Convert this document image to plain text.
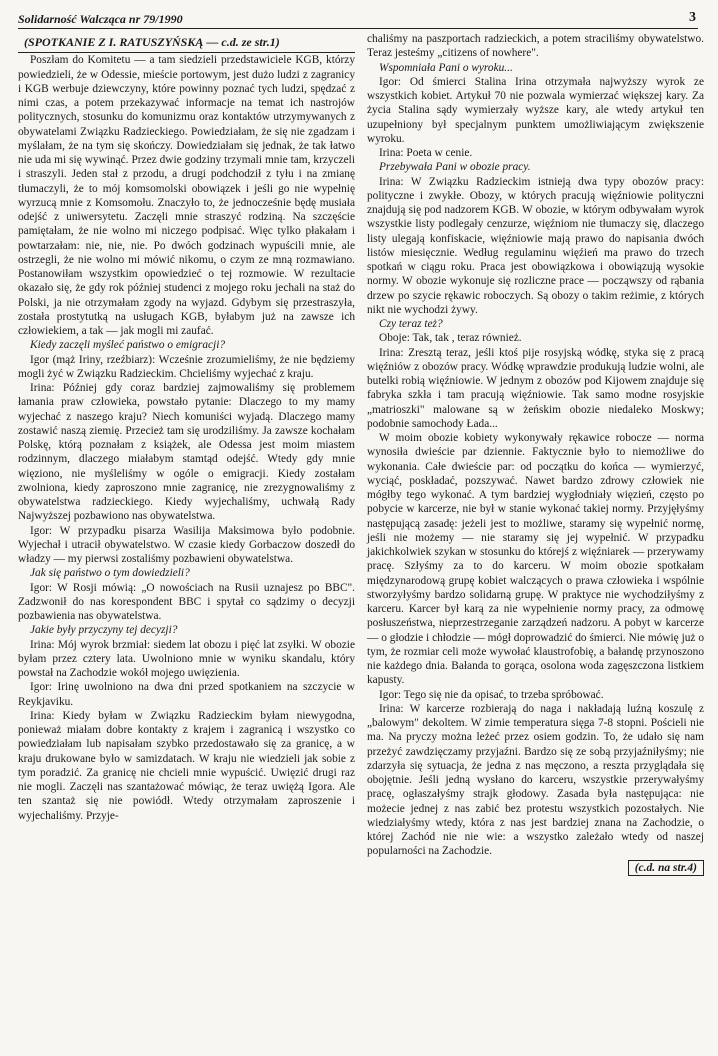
Solidarność Walcząca nr 79/1990	3

(SPOTKANIE Z I. RATUSZYŃSKĄ — c.d. ze str.1)

Poszłam do Komitetu — a tam siedzieli przedstawiciele KGB, którzy powiedzieli, że w Odessie, mieście portowym, jest dużo ludzi z zagranicy i KGB werbuje dziewczyny, które powinny poznać tych ludzi, spędzać z nimi czas, a potem przekazywać informacje na temat ich nastrojów politycznych, stosunku do komunizmu oraz kontaktów utrzymywanych z obywatelami Związku Radzieckiego. Powiedziałam, że się nie zgadzam i myślałam, że na tym się skończy. Dowiedziałam się jednak, że tak łatwo nie uda mi się wywinąć. Przez dwie godziny trzymali mnie tam, krzyczeli i straszyli. Jeden stał z przodu, a drugi podchodził z tyłu i na zmianę tłumaczyli, że to mój komsomolski obowiązek i jeśli go nie wypełnię wyrzucą mnie z Komsomołu. Znaczyło to, że jednocześnie będę musiała odejść z uniwersytetu. Zaczęli mnie straszyć rodziną. Na szczęście pamiętałam, że nie wolno mi niczego podpisać. Więc tylko płakałam i powtarzałam: nie, nie, nie. Po dwóch godzinach wypuścili mnie, ale ostrzegli, że nie wolno mi mówić nikomu, o czym ze mną rozmawiano. Postanowiłam wszystkim opowiedzieć o tej rozmowie. W rezultacie okazało się, że gdy rok później studenci z mojego roku jechali na staż do Polski, ja nie otrzymałam zgody na wyjazd. Gdybym się przestraszyła, została prostytutką na usługach KGB, byłabym już na zawsze ich człowiekiem, a tak — jak mogli mi zaufać.

Kiedy zaczęli myśleć państwo o emigracji?

Igor (mąż Iriny, rzeźbiarz): Wcześnie zrozumieliśmy, że nie będziemy mogli żyć w Związku Radzieckim. Chcieliśmy wyjechać z kraju.

Irina: Później gdy coraz bardziej zajmowaliśmy się problemem łamania praw człowieka, powstało pytanie: Dlaczego to my mamy wyjechać z naszego kraju? Niech komuniści wyjadą. Dlaczego mamy zostawić naszą ziemię. Przecież tam się urodziliśmy. Ja zawsze kochałam Polskę, którą poznałam z książek, ale Odessa jest moim miastem rodzinnym, dlaczego miałabym stamtąd odejść. Wtedy gdy mnie więziono, nie myśleliśmy w ogóle o emigracji. Kiedy zostałam zwolniona, kiedy zaproszono mnie zagranicę, nie zrezygnowaliśmy z obywatelstwa radzieckiego. Kiedy wyjechaliśmy, uchwałą Rady Najwyższej pozbawiono nas obywatelstwa.

Igor: W przypadku pisarza Wasilija Maksimowa było podobnie. Wyjechał i utracił obywatelstwo. W czasie kiedy Gorbaczow doszedł do władzy — my pierwsi zostaliśmy pozbawieni obywatelstwa.

Jak się państwo o tym dowiedzieli?

Igor: W Rosji mówią: „O nowościach na Rusii uznajesz po BBC". Zadzwonił do nas korespondent BBC i spytał co sądzimy o decyzji pozbawienia nas obywatelstwa.

Jakie były przyczyny tej decyzji?

Irina: Mój wyrok brzmiał: siedem lat obozu i pięć lat zsyłki. W obozie byłam przez cztery lata. Uwolniono mnie w wyniku skandalu, który powstał na Zachodzie wokół mojego uwięzienia.

Igor: Irinę uwolniono na dwa dni przed spotkaniem na szczycie w Reykjaviku.

Irina: Kiedy byłam w Związku Radzieckim byłam niewygodna, ponieważ miałam dobre kontakty z krajem i zagranicą i wszystko co powiedziałam lub napisałam szybko przedostawało się za granicę, a w kraju drukowane było w samizdatach. W kraju nie wiedzieli jak sobie z tym poradzić. Za granicę nie chcieli mnie wypuścić. Uwięzić drugi raz nie mogli. Zaczęli nas szantażować mówiąc, że teraz uwiężą Igora. Ale ten szantaż się nie powiódł. Wtedy otrzymałam zaproszenie i wyjechaliśmy. Przyje-

chaliśmy na paszportach radzieckich, a potem straciliśmy obywatelstwo. Teraz jesteśmy „citizens of nowhere".

Wspomniała Pani o wyroku...

Igor: Od śmierci Stalina Irina otrzymała najwyższy wyrok ze wszystkich kobiet. Artykuł 70 nie pozwala wymierzać większej kary. Za życia Stalina sądy wymierzały wyższe kary, ale wtedy artykuł ten uzupełniony był specjalnym punktem umożliwiającym zwiększenie wyroku.

Irina: Poeta w cenie.

Przebywała Pani w obozie pracy.

Irina: W Związku Radzieckim istnieją dwa typy obozów pracy: polityczne i zwykłe. Obozy, w których pracują więźniowie polityczni znajdują się pod nadzorem KGB. W obozie, w którym odbywałam wyrok wszystkie listy podlegały cenzurze, więźniom nie tłumaczy się, dlaczego listy ulegają konfiskacie, więźniowie mają prawo do napisania dwóch listów miesięcznie. Według regulaminu więźień ma prawo do trzech spotkań w ciągu roku. Praca jest obowiązkowa i obowiązują wysokie normy. W obozie wykonuje się rozliczne prace — począwszy od rąbania drzew po szycie rękawic roboczych. Są obozy o takim reżimie, z których nikt nie wychodzi żywy.

Czy teraz też?

Oboje: Tak, tak , teraz również.

Irina: Zresztą teraz, jeśli ktoś pije rosyjską wódkę, styka się z pracą więźniów z obozów pracy. Wódkę wprawdzie produkują ludzie wolni, ale butelki robią więźniowie. W jednym z obozów pod Kijowem znajduje się fabryka szkła i tam pracują więźniowie. Tak samo modne rosyjskie „matrioszki" malowane są w żeńskim obozie niedaleko Moskwy; podobnie samochody Łada...

W moim obozie kobiety wykonywały rękawice robocze — norma wynosiła dwieście par dziennie. Faktycznie było to niemożliwe do wykonania. Całe dwieście par: od początku do końca — wymierzyć, wyciąć, poskładać, pozszywać. Nawet bardzo zdrowy człowiek nie mógłby tego wykonać. A tym bardziej wygłodniały więzień, często po pobycie w karcerze, nie był w stanie wykonać takiej normy. Przyjęłyśmy następującą zasadę: jeżeli jest to możliwe, staramy się wypełnić normę, jeśli nie możemy — nie staramy się jej wypełnić. W przypadku jakichkolwiek szykan w stosunku do którejś z więźniarek — przerywamy pracę. Szłyśmy za to do karceru. W moim obozie spotkałam międzynarodową grupę kobiet walczących o prawa człowieka i wspólnie stworzyłyśmy bardzo solidarną grupę. W praktyce nie wychodziłyśmy z karceru. Karcer był karą za nie wypełnienie normy pracy, za odmowę posłuszeństwa, nieprzestrzeganie zarządzeń nadzoru. A pobyt w karcerze — o głodzie i chłodzie — mógł doprowadzić do śmierci. Nie mówię już o tym, że rozmiar celi może wywołać klaustrofobię, a bałandę przynoszono nie każdego dnia. Bałanda to gorąca, osolona woda zagęszczona listkiem kapusty.

Igor: Tego się nie da opisać, to trzeba spróbować.

Irina: W karcerze rozbierają do naga i nakładają luźną koszulę z „balowym" dekoltem. W zimie temperatura sięga 7-8 stopni. Pościeli nie ma. Na pryczy można leżeć przez osiem godzin. To, że udało się nam przeżyć zawdzięczamy przyjaźni. Bardzo się ze sobą przyjaźniłyśmy; nie zdarzyła się sytuacja, że jedna z nas męczono, a reszta przyglądała się obojętnie. Jeśli jedną wysłano do karceru, wszystkie przerywałyśmy pracę, ogłaszałyśmy strajk głodowy. Zasada była następująca: nie możecie jednej z nas zabić bez protestu wszystkich pozostałych. Nie wiedziałyśmy wtedy, która z nas jest bardziej znana na Zachodzie, o której Zachód nie nie wie: a wszystko zależało wtedy od naszej popularności na Zachodzie.

(c.d. na str.4)
